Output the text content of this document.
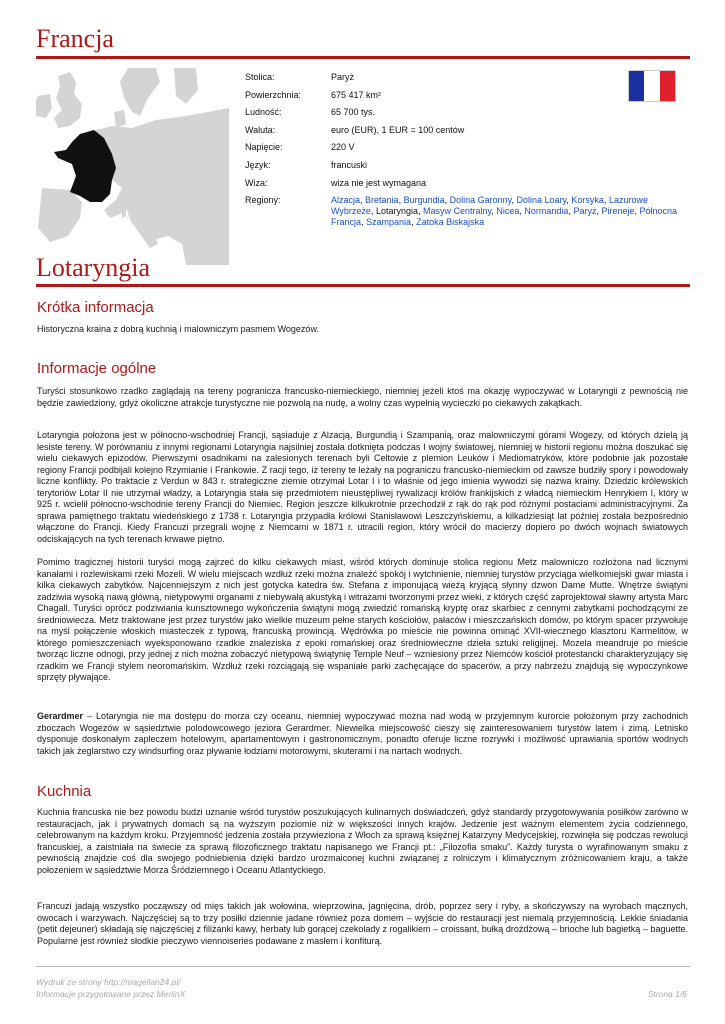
Francja
Stolica:	Paryż
Powierzchnia:	675 417 km²
Ludność:	65 700 tys.
Waluta:	euro (EUR), 1 EUR = 100 centów
Napięcie:	220 V
Język:	francuski
Wiza:	wiza nie jest wymagana
Regiony:	Alzacja, Bretania, Burgundia, Dolina Garonny, Dolina Loary, Korsyka, Lazurowe Wybrzeże, Lotaryngia, Masyw Centralny, Nicea, Normandia, Paryż, Pireneje, Północna Francja, Szampania, Zatoka Biskajska
Lotaryngia
Krótka informacja

Historyczna kraina z dobrą kuchnią i malowniczym pasmem Wogezów.

Informacje ogólne

Turyści stosunkowo rzadko zaglądają na tereny pogranicza francusko-niemieckiego, niemniej jeżeli ktoś ma okazję wypoczywać w Lotaryngii z pewnością nie będzie zawiedziony, gdyż okoliczne atrakcje turystyczne nie pozwolą na nudę, a wolny czas wypełnią wycieczki po ciekawych zakątkach.

Lotaryngia położona jest w północno-wschodniej Francji, sąsiaduje z Alzacją, Burgundią i Szampanią, oraz malowniczymi górami Wogezy, od których dzielą ją lesiste tereny. W porównaniu z innymi regionami Lotaryngia najsilniej została dotknięta podczas I wojny światowej, niemniej w historii regionu można doszukać się wielu ciekawych epizodów. Pierwszymi osadnikami na zalesionych terenach byli Celtowie z plemion Leuków i Mediomatryków, które podobnie jak pozostałe regiony Francji podbijali kolejno Rzymianie i Frankowie. Z racji tego, iż tereny te leżały na pograniczu francusko-niemieckim od zawsze budziły spory i powodowały liczne konflikty. Po traktacie z Verdun w 843 r. strategiczne ziemie otrzymał Lotar I i to właśnie od jego imienia wywodzi się nazwa krainy. Dziedzic królewskich terytoriów Lotar II nie utrzymał władzy, a Lotaryngia stała się przedmiotem nieustępliwej rywalizacji królów frankijskich z władcą niemieckim Henrykiem I, który w 925 r. wcielił północno-wschodnie tereny Francji do Niemiec. Region jeszcze kilkukrotnie przechodził z rąk do rąk pod różnymi postaciami administracyjnymi. Za sprawa pamiętnego traktatu wiedeńskiego z 1738 r. Lotaryngia przypadła królowi Stanisławowi Leszczyńskiemu, a kilkadziesiąt lat później została bezpośrednio włączone do Francji. Kiedy Francuzi przegrali wojnę z Niemcami w 1871 r. utracili region, który wrócił do macierzy dopiero po dwóch wojnach światowych odciskających na tych terenach krwawe piętno.

Pomimo tragicznej historii turyści mogą zajrzeć do kilku ciekawych miast, wśród których dominuje stolica regionu Metz malowniczo rozłożona nad licznymi kanałami i rozlewiskami rzeki Mozeli. W wielu miejscach wzdłuż rzeki można znaleźć spokój i wytchnienie, niemniej turystów przyciąga wielkomiejski gwar miasta i kilka ciekawych zabytków. Najcenniejszym z nich jest gotycka katedra św. Stefana z imponującą wieżą kryjącą słynny dzwon Dame Mutte. Wnętrze świątyni zadziwia wysoką nawą główną, nietypowymi organami z niebywałą akustyką i witrażami tworzonymi przez wieki, z których część zaprojektował sławny artysta Marc Chagall. Turyści oprócz podziwiania kunsztownego wykończenia świątyni mogą zwiedzić romańską kryptę oraz skarbiec z cennymi zabytkami pochodzącymi ze średniowiecza. Metz traktowane jest przez turystów jako wielkie muzeum pełne starych kościołów, pałaców i mieszczańskich domów, po którym spacer przywołuje na myśl połączenie włoskich miasteczek z typową, francuską prowincją. Wędrówka po mieście nie powinna ominąć XVII-wiecznego klasztoru Karmelitów, w którego pomieszczeniach wyeksponowano rzadkie znaleziska z epoki romańskiej oraz średniowieczne dzieła sztuki religijnej. Mozela meandruje po mieście tworząc liczne odnogi, przy jednej z nich można zobaczyć nietypową świątynię Temple Neuf – wzniesiony przez Niemców kościół protestancki charakteryzujący się rzadkim we Francji stylem neoromańskim. Wzdłuż rzeki rozciągają się wspaniałe parki zachęcające do spacerów, a przy nabrzeżu znajdują się wypoczynkowe sprzęty pływające.

Gerardmer – Lotaryngia nie ma dostępu do morza czy oceanu, niemniej wypoczywać można nad wodą w przyjemnym kurorcie położonym przy zachodnich zboczach Wogezów w sąsiedztwie polodowcowego jeziora Gerardmer. Niewielka miejscowość cieszy się zainteresowaniem turystów latem i zimą. Letnisko dysponuje doskonałym zapleczem hotelowym, apartamentowym i gastronomicznym, ponadto oferuje liczne rozrywki i możliwość uprawiania sportów wodnych takich jak żeglarstwo czy windsurfing oraz pływanie łodziami motorowymi, skuterami i na nartach wodnych.

Kuchnia

Kuchnia francuska nie bez powodu budzi uznanie wśród turystów poszukujących kulinarnych doświadczeń, gdyż standardy przygotowywania posiłków zarówno w restauracjach, jak i prywatnych domach są na wyższym poziomie niż w większości innych krajów. Jedzenie jest ważnym elementem życia codziennego, celebrowanym na każdym kroku. Przyjemność jedzenia została przywieziona z Włoch za sprawą księżnej Katarzyny Medycejskiej, rozwinęła się podczas rewolucji francuskiej, a zaistniała na świecie za sprawą filozoficznego traktatu napisanego we Francji pt.: „Filozofia smaku”. Każdy turysta o wyrafinowanym smaku z pewnością znajdzie coś dla swojego podniebienia dzięki bardzo urozmaiconej kuchni związanej z rolniczym i klimatycznym zróżnicowaniem kraju, a także położeniem w sąsiedztwie Morza Śródziemnego i Oceanu Atlantyckiego.

Francuzi jadają wszystko począwszy od mięs takich jak wołowina, wieprzowina, jagnięcina, drób, poprzez sery i ryby, a skończywszy na wyrobach mącznych, owocach i warzywach. Najczęściej są to trzy posiłki dziennie jadane również poza domem – wyjście do restauracji jest niemalą przyjemnością. Lekkie śniadania (petit dejeuner) składają się najczęściej z filiżanki kawy, herbaty lub gorącej czekolady z rogalikiem – croissant, bułką drożdżową – brioche lub bagietką – baguette. Popularne jest również słodkie pieczywo viennoiseries podawane z masłem i konfiturą.

Wydruk ze strony http://magellan24.pl/
Informacje przygotowane przez MerlinX	Strona 1/6
